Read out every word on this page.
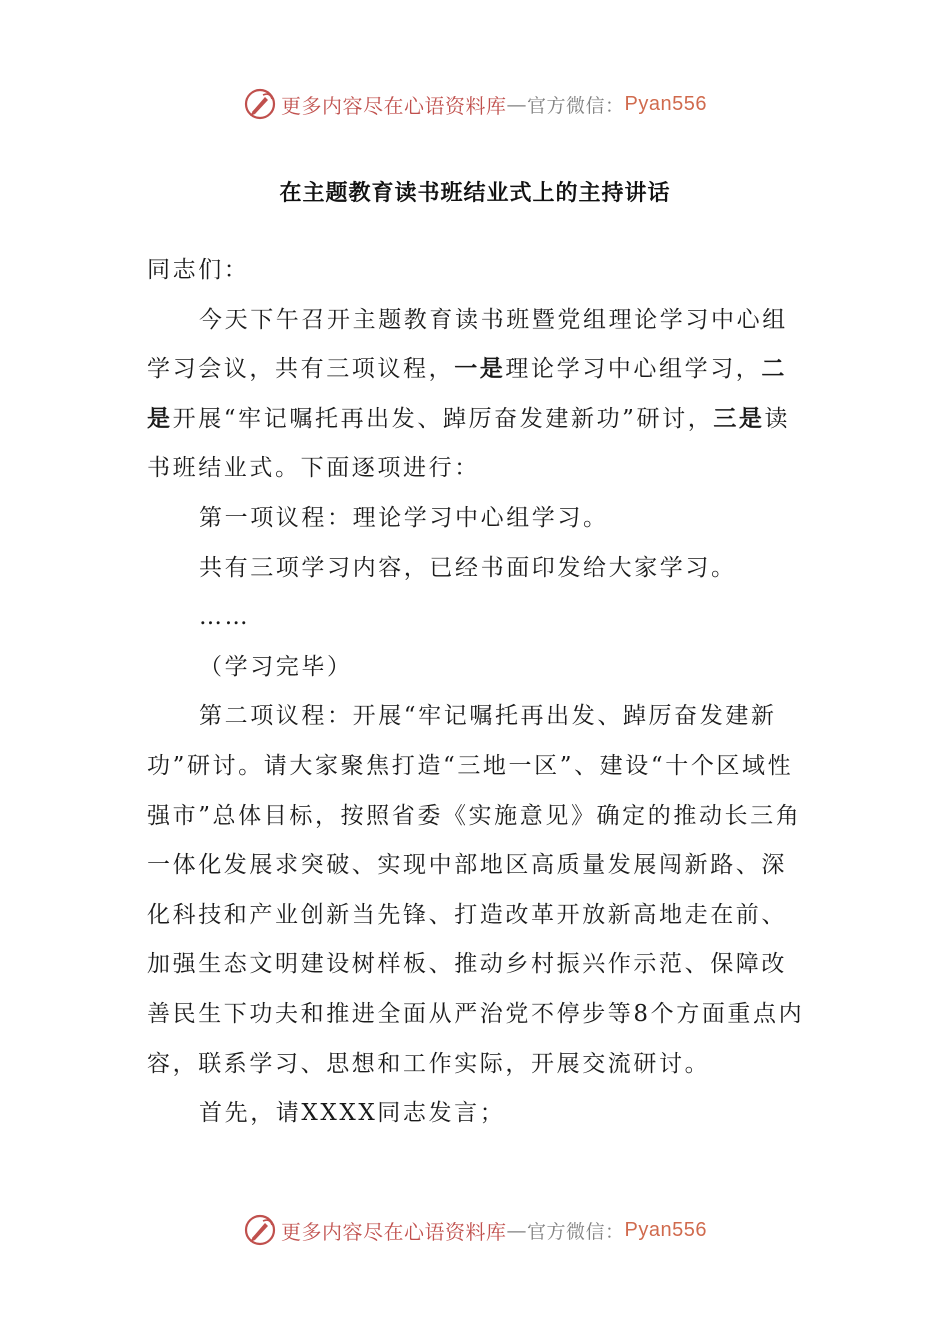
更多内容尽在心语资料库 — 官方微信： Pyan556
在主题教育读书班结业式上的主持讲话

同志们：

今天下午召开主题教育读书班暨党组理论学习中心组学习会议，共有三项议程，一是理论学习中心组学习，二是开展“牢记嘱托再出发、踔厉奋发建新功”研讨，三是读书班结业式。下面逐项进行：

第一项议程：理论学习中心组学习。

共有三项学习内容，已经书面印发给大家学习。

……

（学习完毕）

第二项议程：开展“牢记嘱托再出发、踔厉奋发建新功”研讨。请大家聚焦打造“三地一区”、建设“十个区域性强市”总体目标，按照省委《实施意见》确定的推动长三角一体化发展求突破、实现中部地区高质量发展闯新路、深化科技和产业创新当先锋、打造改革开放新高地走在前、加强生态文明建设树样板、推动乡村振兴作示范、保障改善民生下功夫和推进全面从严治党不停步等8个方面重点内容，联系学习、思想和工作实际，开展交流研讨。

首先，请XXXX同志发言；

更多内容尽在心语资料库 — 官方微信： Pyan556
